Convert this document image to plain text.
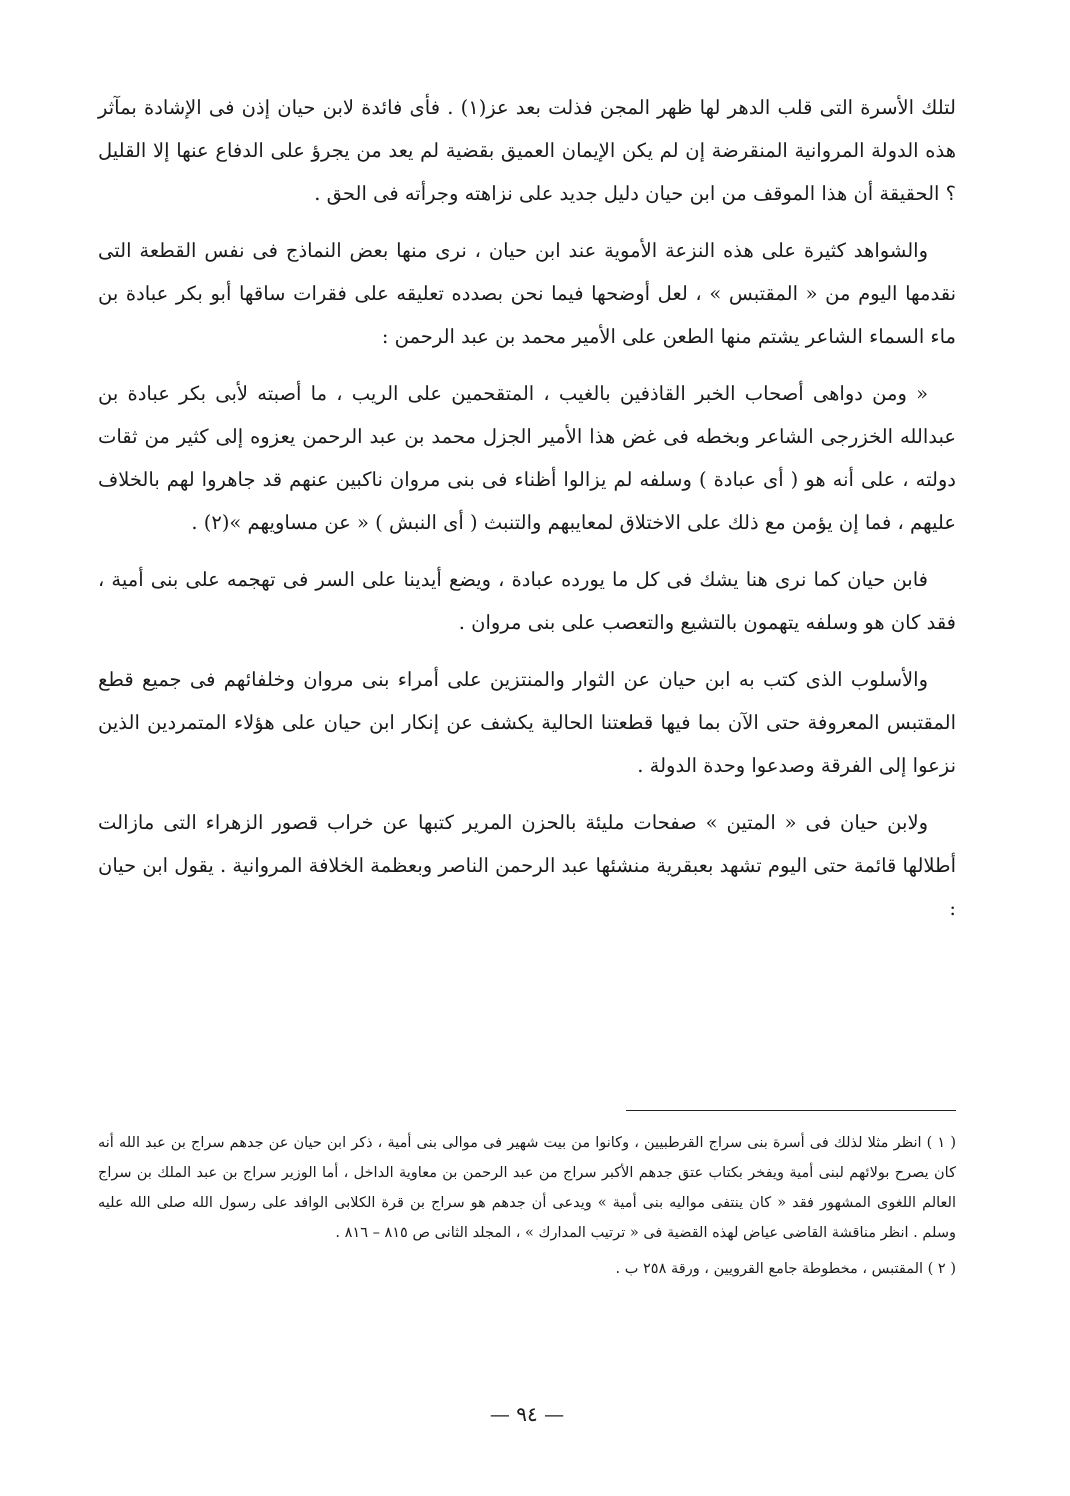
لتلك الأسرة التى قلب الدهر لها ظهر المجن فذلت بعد عز(١) . فأى فائدة لابن حيان إذن فى الإشادة بمآثر هذه الدولة المروانية المنقرضة إن لم يكن الإيمان العميق بقضية لم يعد من يجرؤ على الدفاع عنها إلا القليل ؟ الحقيقة أن هذا الموقف من ابن حيان دليل جديد على نزاهته وجرأته فى الحق .

والشواهد كثيرة على هذه النزعة الأموية عند ابن حيان ، نرى منها بعض النماذج فى نفس القطعة التى نقدمها اليوم من « المقتبس » ، لعل أوضحها فيما نحن بصدده تعليقه على فقرات ساقها أبو بكر عبادة بن ماء السماء الشاعر يشتم منها الطعن على الأمير محمد بن عبد الرحمن :

« ومن دواهى أصحاب الخبر القاذفين بالغيب ، المتقحمين على الريب ، ما أصبته لأبى بكر عبادة بن عبدالله الخزرجى الشاعر وبخطه فى غض هذا الأمير الجزل محمد بن عبد الرحمن يعزوه إلى كثير من ثقات دولته ، على أنه هو ( أى عبادة ) وسلفه لم يزالوا أظناء فى بنى مروان ناكبين عنهم قد جاهروا لهم بالخلاف عليهم ، فما إن يؤمن مع ذلك على الاختلاق لمعايبهم والتنبث ( أى النبش ) « عن مساويهم »(٢) .

فابن حيان كما نرى هنا يشك فى كل ما يورده عبادة ، ويضع أيدينا على السر فى تهجمه على بنى أمية ، فقد كان هو وسلفه يتهمون بالتشيع والتعصب على بنى مروان .

والأسلوب الذى كتب به ابن حيان عن الثوار والمنتزين على أمراء بنى مروان وخلفائهم فى جميع قطع المقتبس المعروفة حتى الآن بما فيها قطعتنا الحالية يكشف عن إنكار ابن حيان على هؤلاء المتمردين الذين نزعوا إلى الفرقة وصدعوا وحدة الدولة .

ولابن حيان فى « المتين » صفحات مليئة بالحزن المرير كتبها عن خراب قصور الزهراء التى مازالت أطلالها قائمة حتى اليوم تشهد بعبقرية منشئها عبد الرحمن الناصر وبعظمة الخلافة المروانية . يقول ابن حيان :

( ١ ) انظر مثلا لذلك فى أسرة بنى سراج القرطبيين ، وكانوا من بيت شهير فى موالى بنى أمية ، ذكر ابن حيان عن جدهم سراج بن عبد الله أنه كان يصرح بولائهم لبنى أمية ويفخر بكتاب عتق جدهم الأكبر سراج من عبد الرحمن بن معاوية الداخل ، أما الوزير سراج بن عبد الملك بن سراج العالم اللغوى المشهور فقد « كان ينتفى مواليه بنى أمية » ويدعى أن جدهم هو سراج بن قرة الكلابى الوافد على رسول الله صلى الله عليه وسلم . انظر مناقشة القاضى عياض لهذه القضية فى « ترتيب المدارك » ، المجلد الثانى ص ٨١٥ – ٨١٦ .

( ٢ ) المقتبس ، مخطوطة جامع القرويين ، ورقة ٢٥٨ ب .

— ٩٤ —
